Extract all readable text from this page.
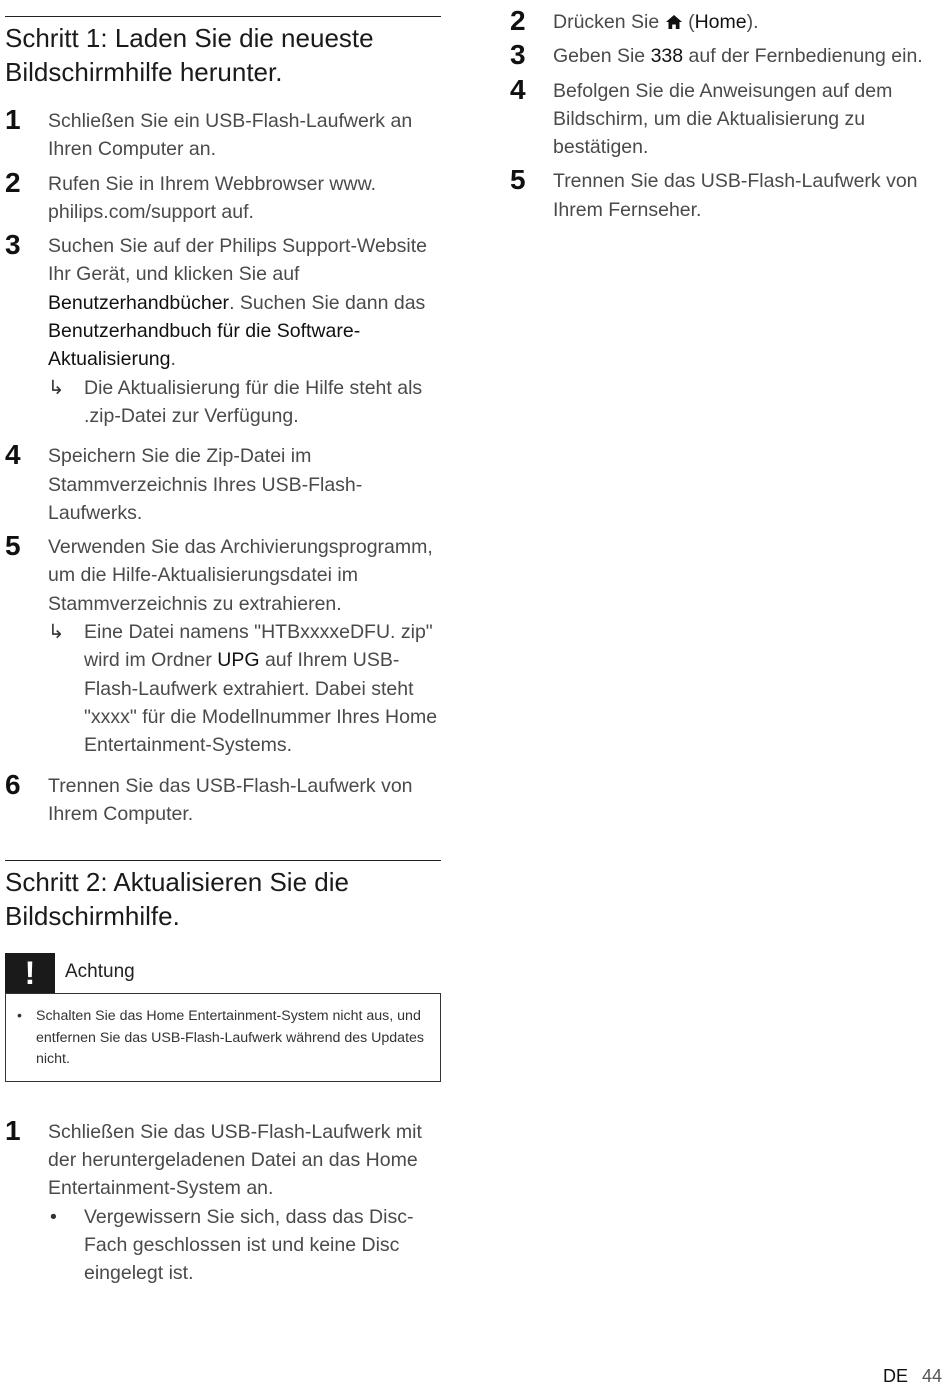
Schritt 1: Laden Sie die neueste Bildschirmhilfe herunter.
1 Schließen Sie ein USB-Flash-Laufwerk an Ihren Computer an.
2 Rufen Sie in Ihrem Webbrowser www. philips.com/support auf.
3 Suchen Sie auf der Philips Support-Website Ihr Gerät, und klicken Sie auf Benutzerhandbücher. Suchen Sie dann das Benutzerhandbuch für die Software-Aktualisierung.
↳ Die Aktualisierung für die Hilfe steht als .zip-Datei zur Verfügung.
4 Speichern Sie die Zip-Datei im Stammverzeichnis Ihres USB-Flash-Laufwerks.
5 Verwenden Sie das Archivierungsprogramm, um die Hilfe-Aktualisierungsdatei im Stammverzeichnis zu extrahieren.
↳ Eine Datei namens "HTBxxxxeDFU. zip" wird im Ordner UPG auf Ihrem USB-Flash-Laufwerk extrahiert. Dabei steht "xxxx" für die Modellnummer Ihres Home Entertainment-Systems.
6 Trennen Sie das USB-Flash-Laufwerk von Ihrem Computer.
Schritt 2: Aktualisieren Sie die Bildschirmhilfe.
!	Achtung
• Schalten Sie das Home Entertainment-System nicht aus, und entfernen Sie das USB-Flash-Laufwerk während des Updates nicht.
1 Schließen Sie das USB-Flash-Laufwerk mit der heruntergeladenen Datei an das Home Entertainment-System an.
• Vergewissern Sie sich, dass das Disc-Fach geschlossen ist und keine Disc eingelegt ist.
2 Drücken Sie  (Home).
3 Geben Sie 338 auf der Fernbedienung ein.
4 Befolgen Sie die Anweisungen auf dem Bildschirm, um die Aktualisierung zu bestätigen.
5 Trennen Sie das USB-Flash-Laufwerk von Ihrem Fernseher.
DE 44
